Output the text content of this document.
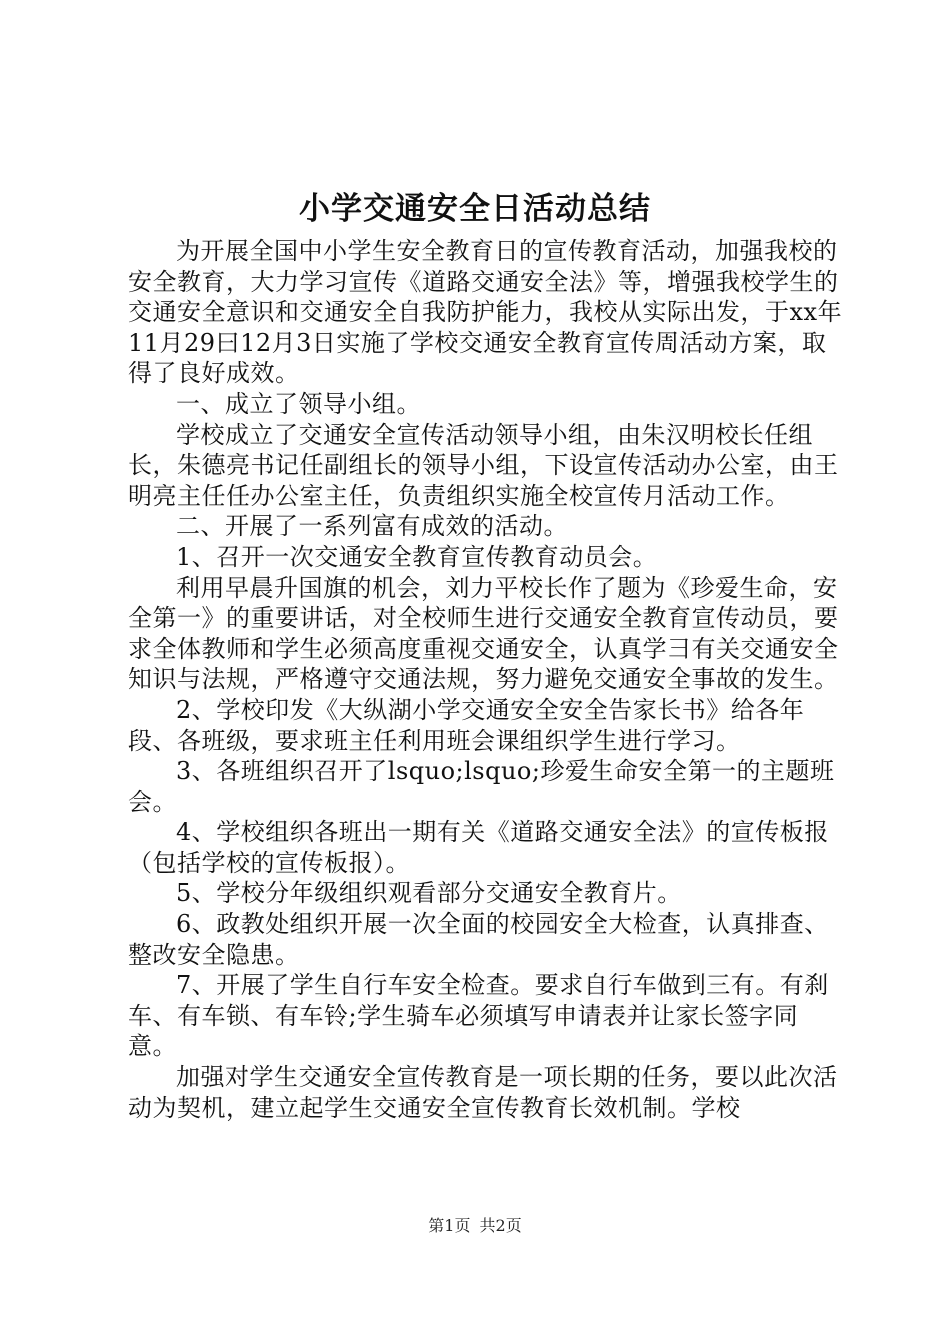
小学交通安全日活动总结

为开展全国中小学生安全教育日的宣传教育活动，加强我校的安全教育，大力学习宣传《道路交通安全法》等，增强我校学生的交通安全意识和交通安全自我防护能力，我校从实际出发，于xx年11月29曰12月3日实施了学校交通安全教育宣传周活动方案，取得了良好成效。

一、成立了领导小组。

学校成立了交通安全宣传活动领导小组，由朱汉明校长任组长，朱德亮书记任副组长的领导小组，下设宣传活动办公室，由王明亮主任任办公室主任，负责组织实施全校宣传月活动工作。

二、开展了一系列富有成效的活动。

1、召开一次交通安全教育宣传教育动员会。

利用早晨升国旗的机会，刘力平校长作了题为《珍爱生命，安全第一》的重要讲话，对全校师生进行交通安全教育宣传动员，要求全体教师和学生必须高度重视交通安全，认真学彐有关交通安全知识与法规，严格遵守交通法规，努力避免交通安全事故的发生。

2、学校印发《大纵湖小学交通安全安全告家长书》给各年段、各班级，要求班主任利用班会课组织学生进行学习。

3、各班组织召开了lsquo;lsquo;珍爱生命安全第一的主题班会。

4、学校组织各班出一期有关《道路交通安全法》的宣传板报（包括学校的宣传板报）。

5、学校分年级组织观看部分交通安全教育片。

6、政教处组织开展一次全面的校园安全大检查，认真排查、整改安全隐患。

7、开展了学生自行车安全检查。要求自行车做到三有。有刹车、有车锁、有车铃;学生骑车必须填写申请表并让家长签字同意。

加强对学生交通安全宣传教育是一项长期的任务，要以此次活动为契机，建立起学生交通安全宣传教育长效机制。学校

第1页 共2页
